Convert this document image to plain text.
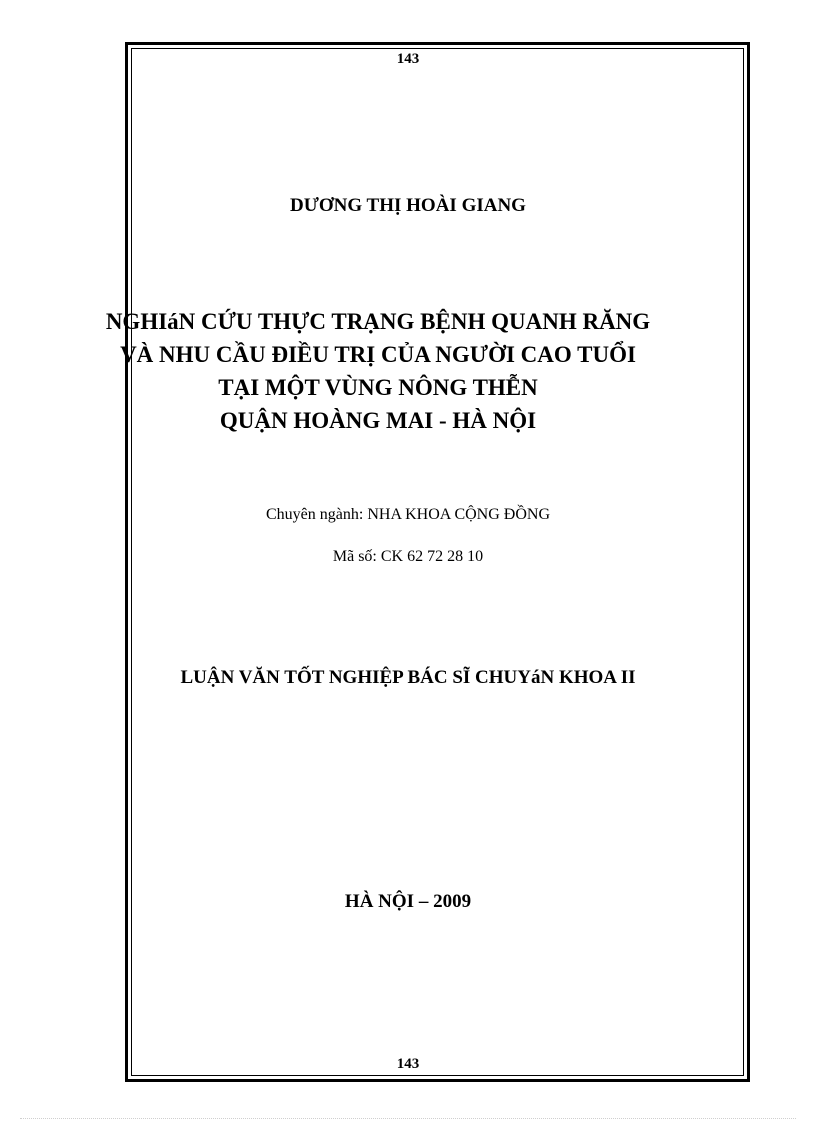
143
DƯƠNG THỊ HOÀI GIANG
NGHIáN CỨU THỰC TRẠNG BỆNH QUANH RĂNG
VÀ NHU CẦU ĐIỀU TRỊ CỦA NGƯỜI CAO TUỔI
TẠI MỘT VÙNG NÔNG THỄN
QUẬN HOÀNG MAI - HÀ NỘI
Chuyên ngành: NHA KHOA CỘNG ĐỒNG
Mã số: CK 62 72 28 10
LUẬN VĂN TỐT NGHIỆP BÁC SĨ CHUYáN KHOA II
HÀ NỘI – 2009
143
